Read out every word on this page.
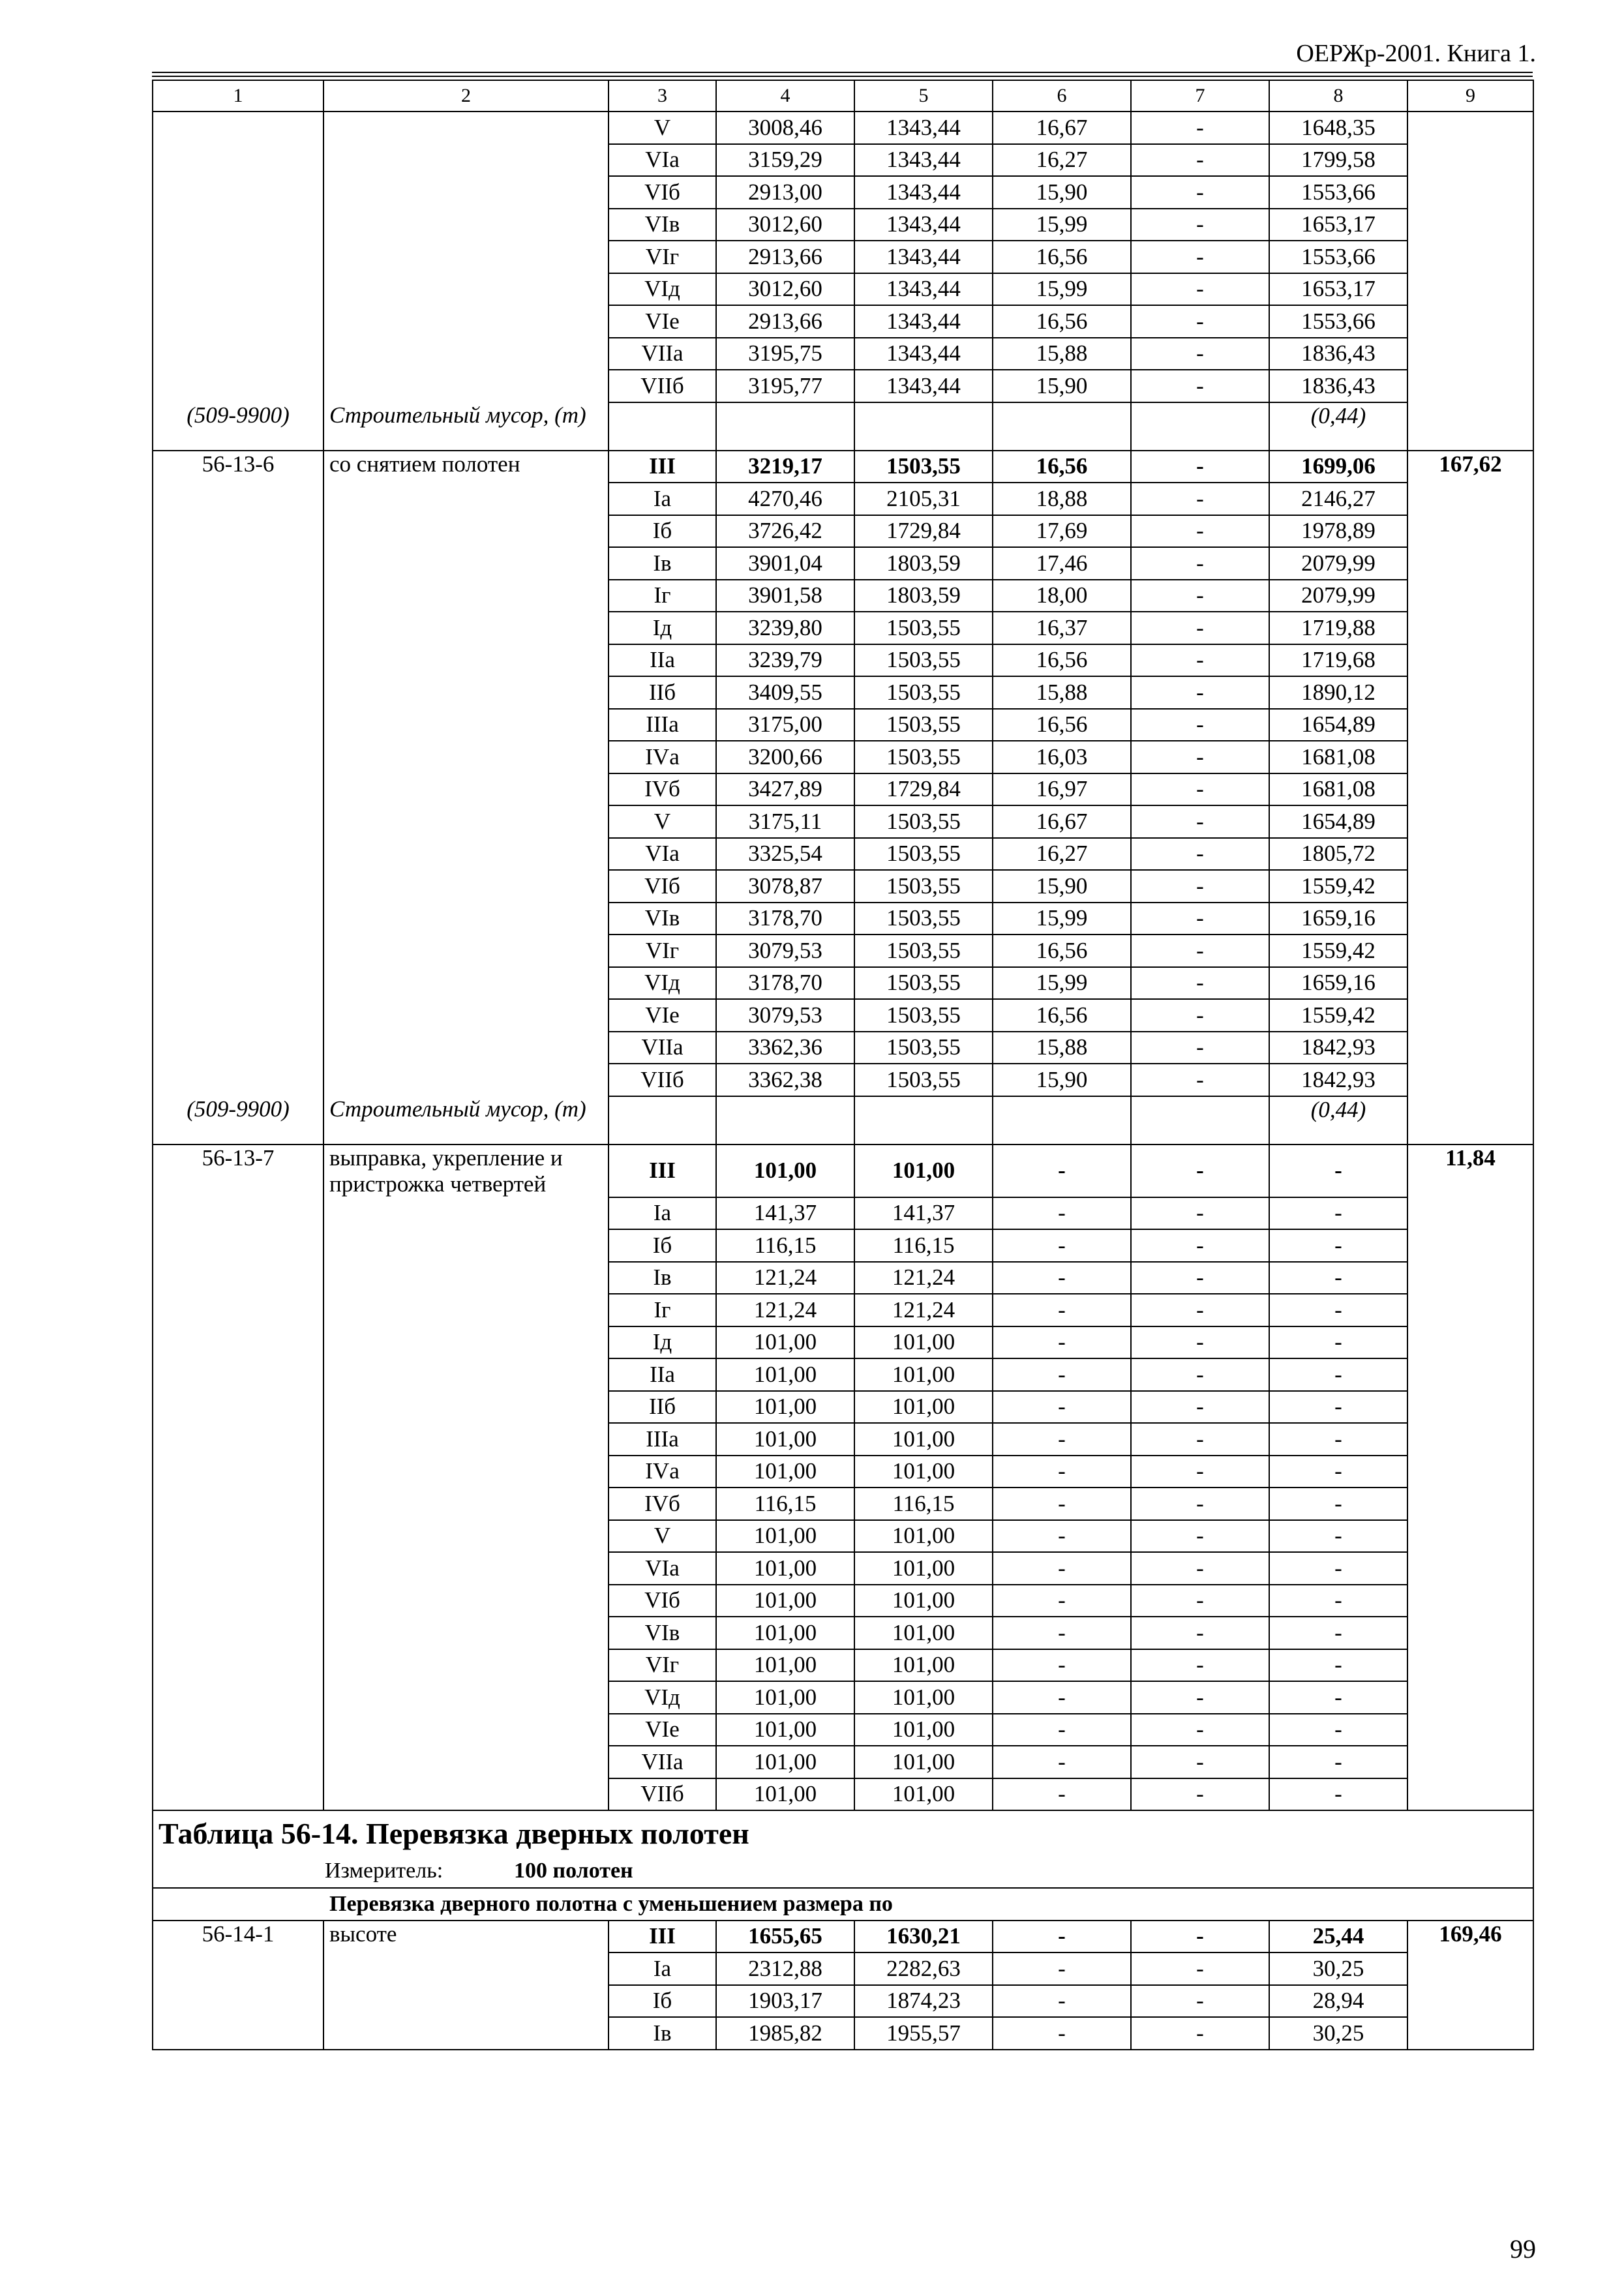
ОЕРЖр-2001. Книга 1.
1	2	3	4	5	6	7	8	9
		V	3008,46	1343,44	16,67	-	1648,35	
		VIа	3159,29	1343,44	16,27	-	1799,58	
		VIб	2913,00	1343,44	15,90	-	1553,66	
		VIв	3012,60	1343,44	15,99	-	1653,17	
		VIг	2913,66	1343,44	16,56	-	1553,66	
		VIд	3012,60	1343,44	15,99	-	1653,17	
		VIе	2913,66	1343,44	16,56	-	1553,66	
		VIIа	3195,75	1343,44	15,88	-	1836,43	
		VIIб	3195,77	1343,44	15,90	-	1836,43	
(509-9900)	Строительный мусор, (т)						(0,44)	
56-13-6	со снятием полотен	III	3219,17	1503,55	16,56	-	1699,06	167,62
		Iа	4270,46	2105,31	18,88	-	2146,27	
		Iб	3726,42	1729,84	17,69	-	1978,89	
		Iв	3901,04	1803,59	17,46	-	2079,99	
		Iг	3901,58	1803,59	18,00	-	2079,99	
		Iд	3239,80	1503,55	16,37	-	1719,88	
		IIа	3239,79	1503,55	16,56	-	1719,68	
		IIб	3409,55	1503,55	15,88	-	1890,12	
		IIIа	3175,00	1503,55	16,56	-	1654,89	
		IVа	3200,66	1503,55	16,03	-	1681,08	
		IVб	3427,89	1729,84	16,97	-	1681,08	
		V	3175,11	1503,55	16,67	-	1654,89	
		VIа	3325,54	1503,55	16,27	-	1805,72	
		VIб	3078,87	1503,55	15,90	-	1559,42	
		VIв	3178,70	1503,55	15,99	-	1659,16	
		VIг	3079,53	1503,55	16,56	-	1559,42	
		VIд	3178,70	1503,55	15,99	-	1659,16	
		VIе	3079,53	1503,55	16,56	-	1559,42	
		VIIа	3362,36	1503,55	15,88	-	1842,93	
		VIIб	3362,38	1503,55	15,90	-	1842,93	
(509-9900)	Строительный мусор, (т)						(0,44)	
56-13-7	выправка, укрепление и пристрожка четвертей	III	101,00	101,00	-	-	-	11,84
		Iа	141,37	141,37	-	-	-	
		Iб	116,15	116,15	-	-	-	
		Iв	121,24	121,24	-	-	-	
		Iг	121,24	121,24	-	-	-	
		Iд	101,00	101,00	-	-	-	
		IIа	101,00	101,00	-	-	-	
		IIб	101,00	101,00	-	-	-	
		IIIа	101,00	101,00	-	-	-	
		IVа	101,00	101,00	-	-	-	
		IVб	116,15	116,15	-	-	-	
		V	101,00	101,00	-	-	-	
		VIа	101,00	101,00	-	-	-	
		VIб	101,00	101,00	-	-	-	
		VIв	101,00	101,00	-	-	-	
		VIг	101,00	101,00	-	-	-	
		VIд	101,00	101,00	-	-	-	
		VIе	101,00	101,00	-	-	-	
		VIIа	101,00	101,00	-	-	-	
		VIIб	101,00	101,00	-	-	-	

Таблица 56-14. Перевязка дверных полотен
Измеритель: 100 полотен								

Перевязка дверного полотна с уменьшением размера по								
56-14-1	высоте	III	1655,65	1630,21	-	-	25,44	169,46
		Iа	2312,88	2282,63	-	-	30,25	
		Iб	1903,17	1874,23	-	-	28,94	
		Iв	1985,82	1955,57	-	-	30,25	
99
